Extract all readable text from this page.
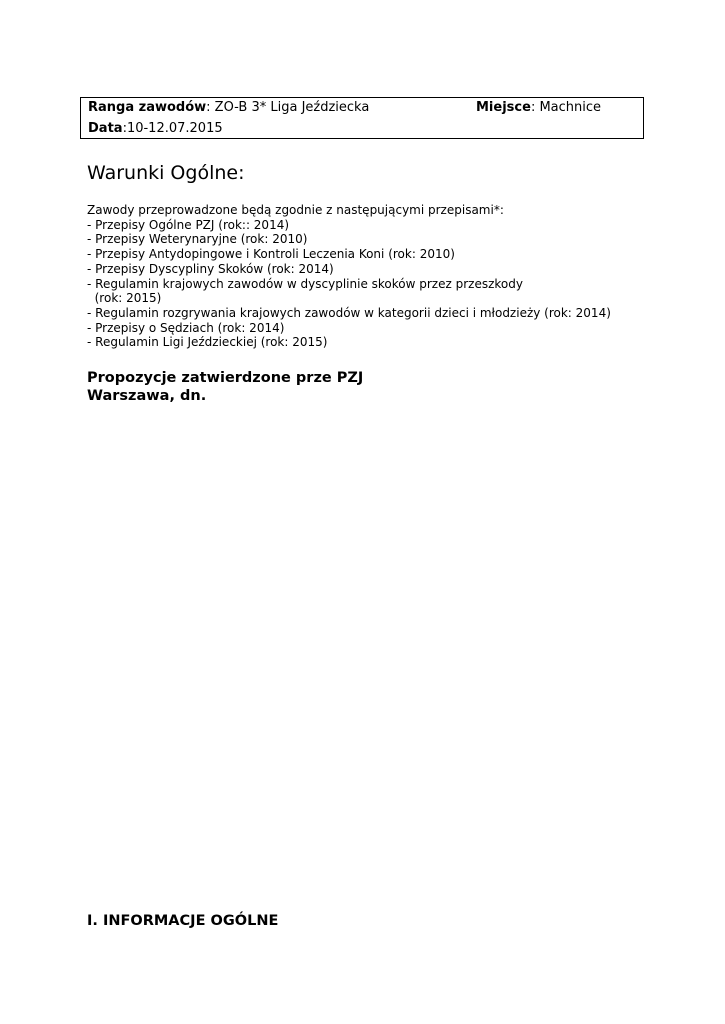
Ranga zawodów: ZO-B 3* Liga Jeździecka	Miejsce: Machnice
Data:10-12.07.2015
Warunki Ogólne:
Zawody przeprowadzone będą zgodnie z następującymi przepisami*:
- Przepisy Ogólne PZJ (rok:: 2014)
- Przepisy Weterynaryjne (rok: 2010)
- Przepisy Antydopingowe i Kontroli Leczenia Koni (rok: 2010)
- Przepisy Dyscypliny Skoków (rok: 2014)
- Regulamin krajowych zawodów w dyscyplinie skoków przez przeszkody
(rok: 2015)
- Regulamin rozgrywania krajowych zawodów w kategorii dzieci i młodzieży (rok: 2014)
- Przepisy o Sędziach (rok: 2014)
- Regulamin Ligi Jeździeckiej (rok: 2015)
Propozycje zatwierdzone prze PZJ
Warszawa, dn.
I. INFORMACJE OGÓLNE
